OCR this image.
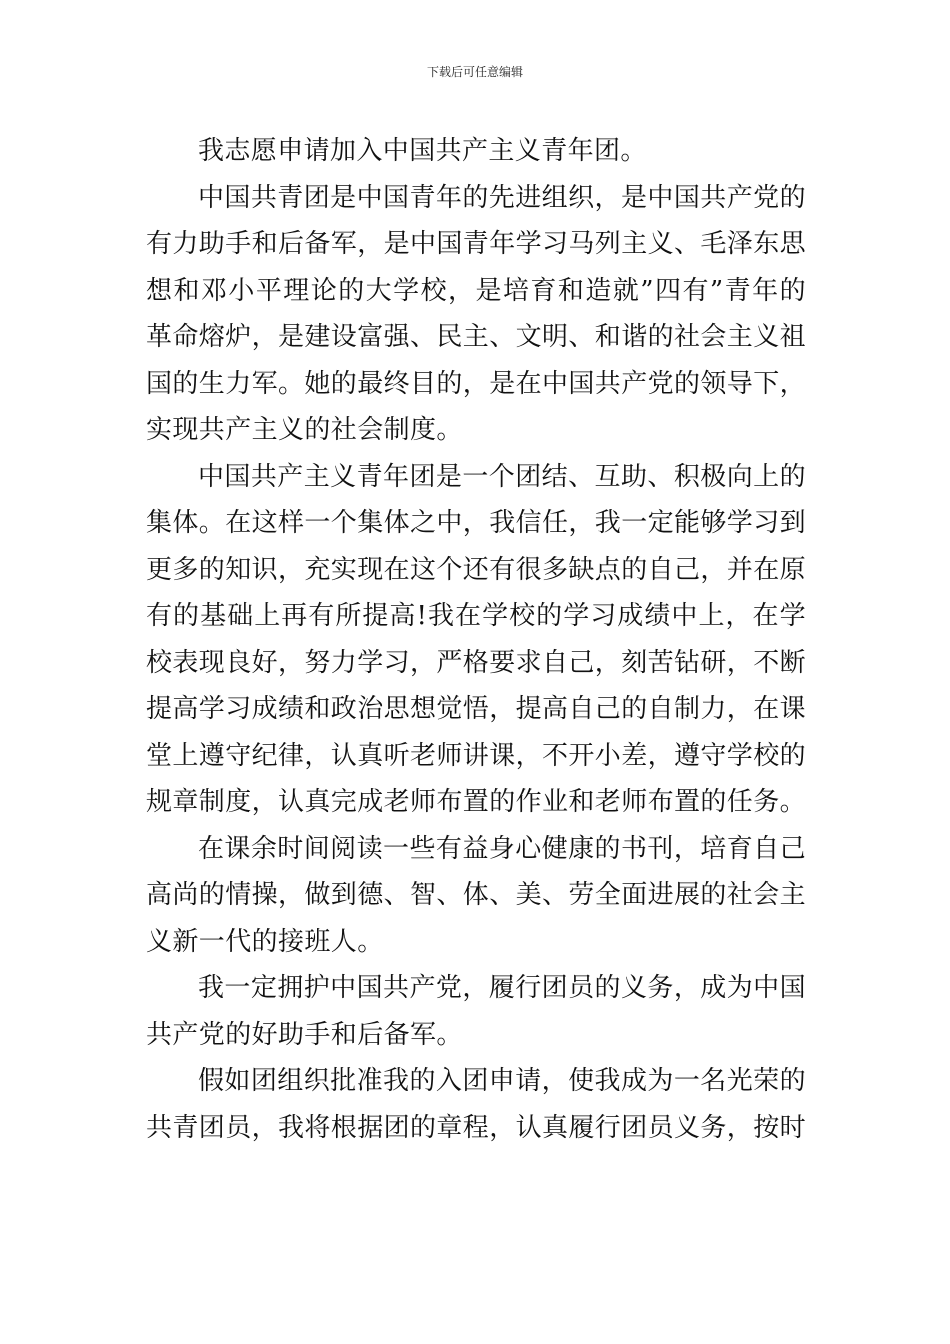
下载后可任意编辑

我志愿申请加入中国共产主义青年团。

中国共青团是中国青年的先进组织，是中国共产党的有力助手和后备军，是中国青年学习马列主义、毛泽东思想和邓小平理论的大学校，是培育和造就”四有”青年的革命熔炉，是建设富强、民主、文明、和谐的社会主义祖国的生力军。她的最终目的，是在中国共产党的领导下，实现共产主义的社会制度。

中国共产主义青年团是一个团结、互助、积极向上的集体。在这样一个集体之中，我信任，我一定能够学习到更多的知识，充实现在这个还有很多缺点的自己，并在原有的基础上再有所提高!我在学校的学习成绩中上，在学校表现良好，努力学习，严格要求自己，刻苦钻研，不断提高学习成绩和政治思想觉悟，提高自己的自制力，在课堂上遵守纪律，认真听老师讲课，不开小差，遵守学校的规章制度，认真完成老师布置的作业和老师布置的任务。

在课余时间阅读一些有益身心健康的书刊，培育自己高尚的情操，做到德、智、体、美、劳全面进展的社会主义新一代的接班人。

我一定拥护中国共产党，履行团员的义务，成为中国共产党的好助手和后备军。

假如团组织批准我的入团申请，使我成为一名光荣的共青团员，我将根据团的章程，认真履行团员义务，按时
